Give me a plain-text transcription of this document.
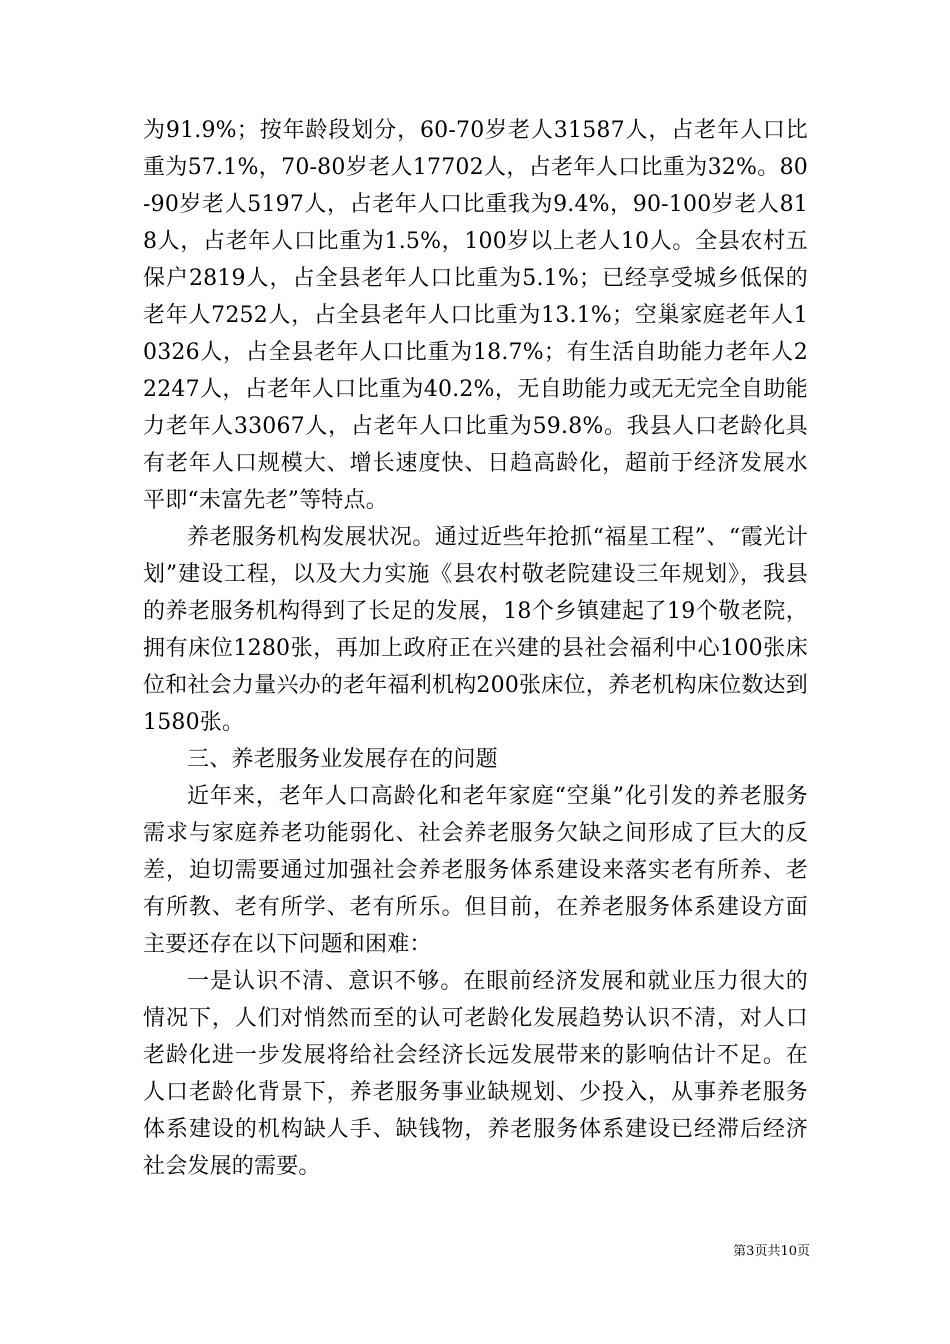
为91.9%；按年龄段划分，60-70岁老人31587人，占老年人口比重为57.1%，70-80岁老人17702人，占老年人口比重为32%。80-90岁老人5197人，占老年人口比重我为9.4%，90-100岁老人818人，占老年人口比重为1.5%，100岁以上老人10人。全县农村五保户2819人，占全县老年人口比重为5.1%；已经享受城乡低保的老年人7252人，占全县老年人口比重为13.1%；空巢家庭老年人10326人，占全县老年人口比重为18.7%；有生活自助能力老年人22247人，占老年人口比重为40.2%，无自助能力或无无完全自助能力老年人33067人，占老年人口比重为59.8%。我县人口老龄化具有老年人口规模大、增长速度快、日趋高龄化，超前于经济发展水平即“未富先老”等特点。

养老服务机构发展状况。通过近些年抢抓“福星工程”、“霞光计划”建设工程，以及大力实施《县农村敬老院建设三年规划》，我县的养老服务机构得到了长足的发展，18个乡镇建起了19个敬老院，拥有床位1280张，再加上政府正在兴建的县社会福利中心100张床位和社会力量兴办的老年福利机构200张床位，养老机构床位数达到1580张。

三、养老服务业发展存在的问题

近年来，老年人口高龄化和老年家庭“空巢”化引发的养老服务需求与家庭养老功能弱化、社会养老服务欠缺之间形成了巨大的反差，迫切需要通过加强社会养老服务体系建设来落实老有所养、老有所教、老有所学、老有所乐。但目前，在养老服务体系建设方面主要还存在以下问题和困难：

一是认识不清、意识不够。在眼前经济发展和就业压力很大的情况下，人们对悄然而至的认可老龄化发展趋势认识不清，对人口老龄化进一步发展将给社会经济长远发展带来的影响估计不足。在人口老龄化背景下，养老服务事业缺规划、少投入，从事养老服务体系建设的机构缺人手、缺钱物，养老服务体系建设已经滞后经济社会发展的需要。

第3页共10页
